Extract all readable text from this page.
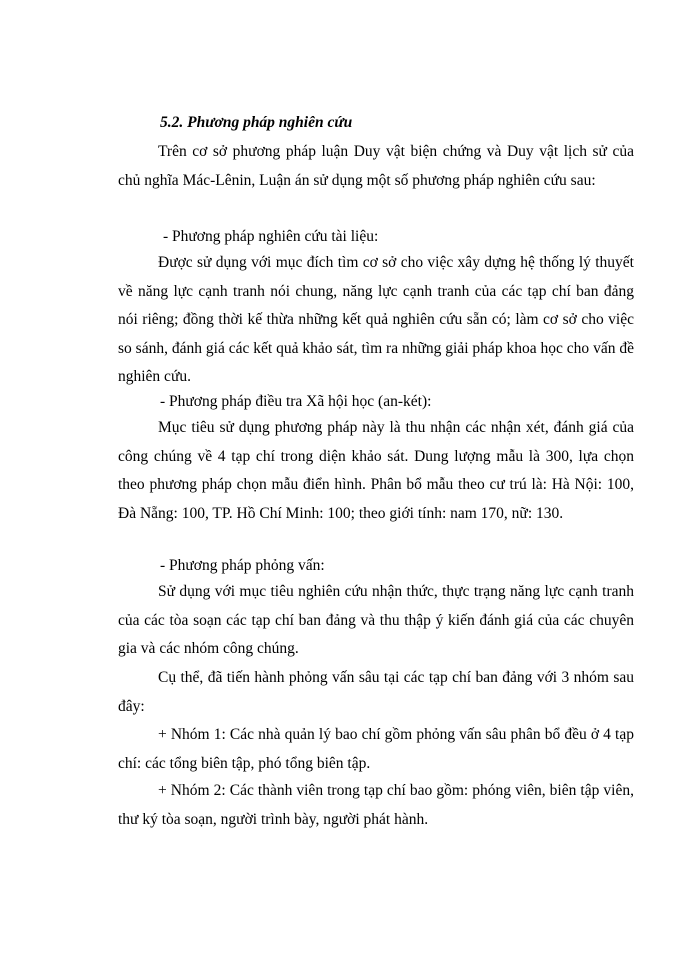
5.2. Phương pháp nghiên cứu

Trên cơ sở phương pháp luận Duy vật biện chứng và Duy vật lịch sử của chủ nghĩa Mác-Lênin, Luận án sử dụng một số phương pháp nghiên cứu sau:

- Phương pháp nghiên cứu tài liệu:

Được sử dụng với mục đích tìm cơ sở cho việc xây dựng hệ thống lý thuyết về năng lực cạnh tranh nói chung, năng lực cạnh tranh của các tạp chí ban đảng nói riêng; đồng thời kế thừa những kết quả nghiên cứu sẵn có; làm cơ sở cho việc so sánh, đánh giá các kết quả khảo sát, tìm ra những giải pháp khoa học cho vấn đề nghiên cứu.

- Phương pháp điều tra Xã hội học (an-két):

Mục tiêu sử dụng phương pháp này là thu nhận các nhận xét, đánh giá của công chúng về 4 tạp chí trong diện khảo sát. Dung lượng mẫu là 300, lựa chọn theo phương pháp chọn mẫu điển hình. Phân bổ mẫu theo cư trú là: Hà Nội: 100, Đà Nẵng: 100, TP. Hồ Chí Minh: 100; theo giới tính: nam 170, nữ: 130.

- Phương pháp phỏng vấn:

Sử dụng với mục tiêu nghiên cứu nhận thức, thực trạng năng lực cạnh tranh của các tòa soạn các tạp chí ban đảng và thu thập ý kiến đánh giá của các chuyên gia và các nhóm công chúng.

Cụ thể, đã tiến hành phỏng vấn sâu tại các tạp chí ban đảng với 3 nhóm sau đây:

+ Nhóm 1: Các nhà quản lý bao chí gồm phỏng vấn sâu phân bổ đều ở 4 tạp chí: các tổng biên tập, phó tổng biên tập.

+ Nhóm 2: Các thành viên trong tạp chí bao gồm: phóng viên, biên tập viên, thư ký tòa soạn, người trình bày, người phát hành.
